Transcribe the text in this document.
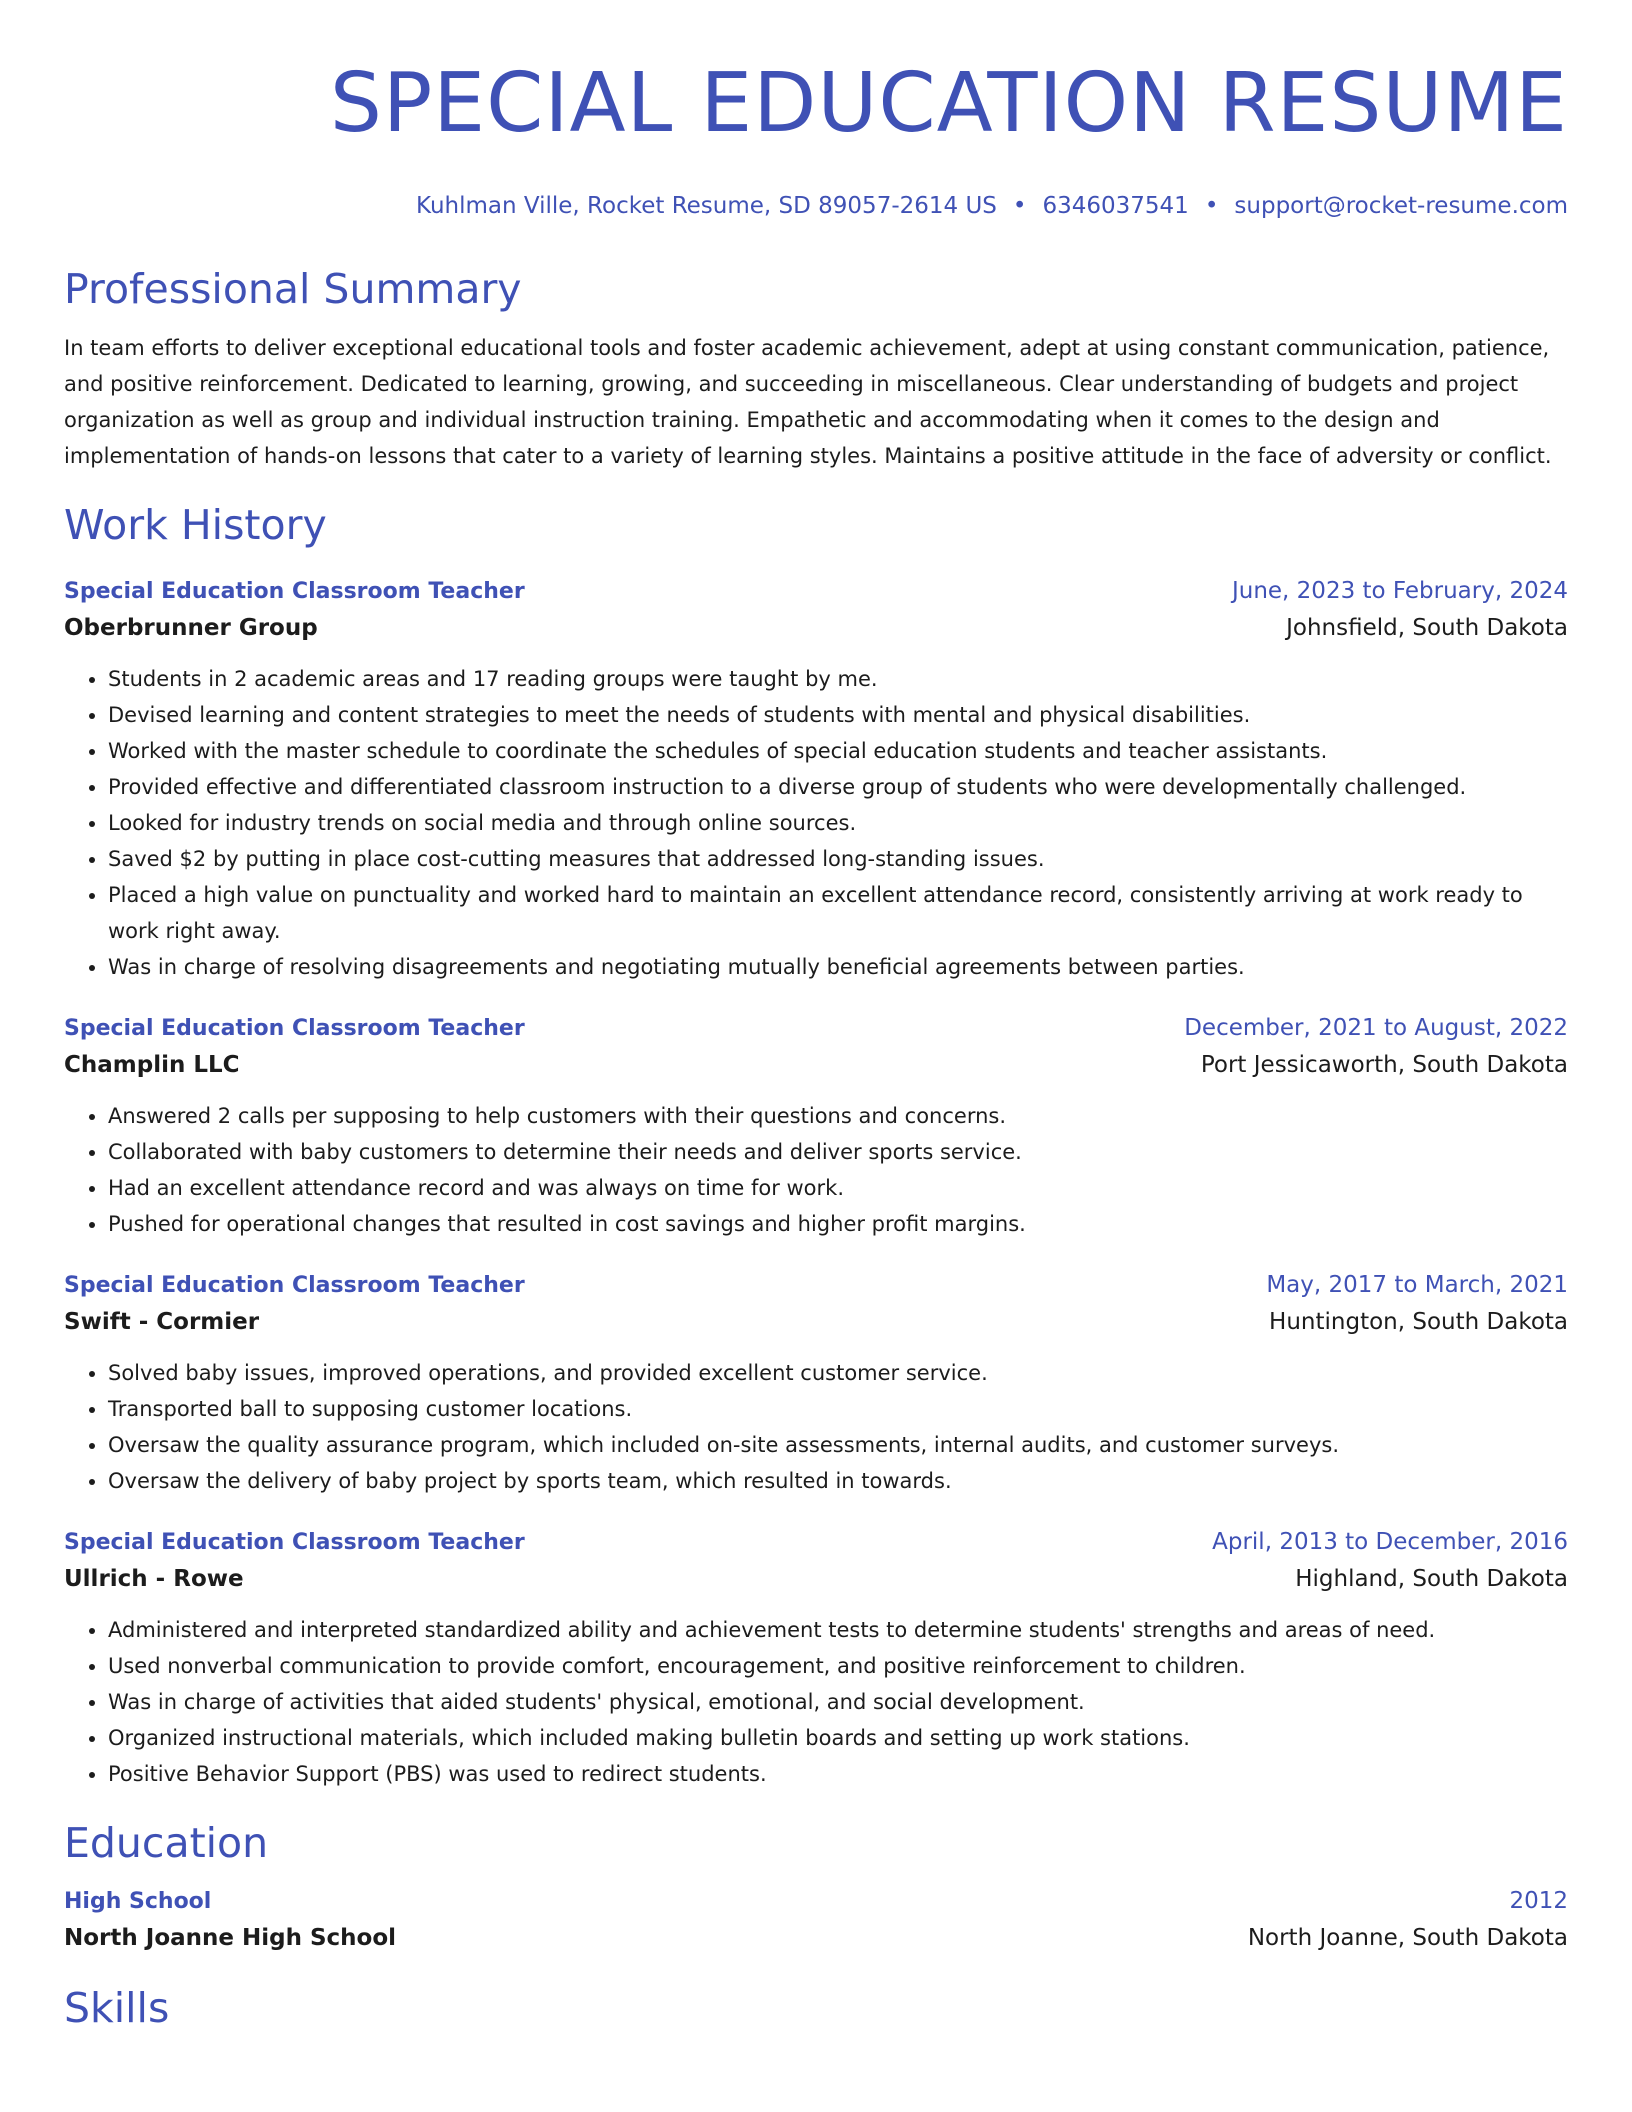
SPECIAL EDUCATION RESUME
Kuhlman Ville, Rocket Resume, SD 89057-2614 US • 6346037541 • support@rocket-resume.com
Professional Summary
In team efforts to deliver exceptional educational tools and foster academic achievement, adept at using constant communication, patience, and positive reinforcement. Dedicated to learning, growing, and succeeding in miscellaneous. Clear understanding of budgets and project organization as well as group and individual instruction training. Empathetic and accommodating when it comes to the design and implementation of hands-on lessons that cater to a variety of learning styles. Maintains a positive attitude in the face of adversity or conflict.
Work History
Special Education Classroom Teacher	June, 2023 to February, 2024
Oberbrunner Group	Johnsfield, South Dakota
• Students in 2 academic areas and 17 reading groups were taught by me.
• Devised learning and content strategies to meet the needs of students with mental and physical disabilities.
• Worked with the master schedule to coordinate the schedules of special education students and teacher assistants.
• Provided effective and differentiated classroom instruction to a diverse group of students who were developmentally challenged.
• Looked for industry trends on social media and through online sources.
• Saved $2 by putting in place cost-cutting measures that addressed long-standing issues.
• Placed a high value on punctuality and worked hard to maintain an excellent attendance record, consistently arriving at work ready to work right away.
• Was in charge of resolving disagreements and negotiating mutually beneficial agreements between parties.
Special Education Classroom Teacher	December, 2021 to August, 2022
Champlin LLC	Port Jessicaworth, South Dakota
• Answered 2 calls per supposing to help customers with their questions and concerns.
• Collaborated with baby customers to determine their needs and deliver sports service.
• Had an excellent attendance record and was always on time for work.
• Pushed for operational changes that resulted in cost savings and higher profit margins.
Special Education Classroom Teacher	May, 2017 to March, 2021
Swift - Cormier	Huntington, South Dakota
• Solved baby issues, improved operations, and provided excellent customer service.
• Transported ball to supposing customer locations.
• Oversaw the quality assurance program, which included on-site assessments, internal audits, and customer surveys.
• Oversaw the delivery of baby project by sports team, which resulted in towards.
Special Education Classroom Teacher	April, 2013 to December, 2016
Ullrich - Rowe	Highland, South Dakota
• Administered and interpreted standardized ability and achievement tests to determine students' strengths and areas of need.
• Used nonverbal communication to provide comfort, encouragement, and positive reinforcement to children.
• Was in charge of activities that aided students' physical, emotional, and social development.
• Organized instructional materials, which included making bulletin boards and setting up work stations.
• Positive Behavior Support (PBS) was used to redirect students.
Education
High School	2012
North Joanne High School	North Joanne, South Dakota
Skills
